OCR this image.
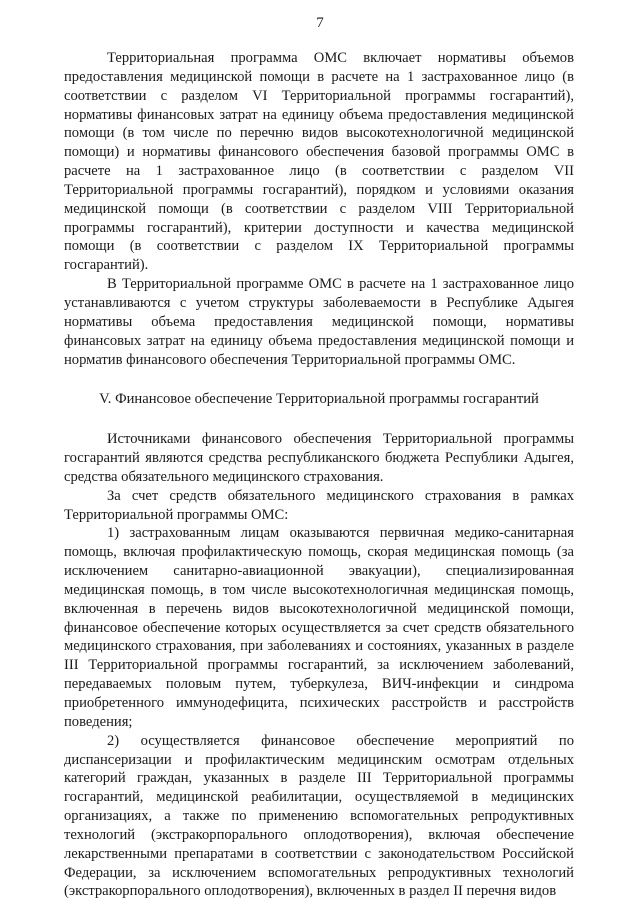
7

Территориальная программа ОМС включает нормативы объемов предоставления медицинской помощи в расчете на 1 застрахованное лицо (в соответствии с разделом VI Территориальной программы госгарантий), нормативы финансовых затрат на единицу объема предоставления медицинской помощи (в том числе по перечню видов высокотехнологичной медицинской помощи) и нормативы финансового обеспечения базовой программы ОМС в расчете на 1 застрахованное лицо (в соответствии с разделом VII Территориальной программы госгарантий), порядком и условиями оказания медицинской помощи (в соответствии с разделом VIII Территориальной программы госгарантий), критерии доступности и качества медицинской помощи (в соответствии с разделом IX Территориальной программы госгарантий).

В Территориальной программе ОМС в расчете на 1 застрахованное лицо устанавливаются с учетом структуры заболеваемости в Республике Адыгея нормативы объема предоставления медицинской помощи, нормативы финансовых затрат на единицу объема предоставления медицинской помощи и норматив финансового обеспечения Территориальной программы ОМС.

V. Финансовое обеспечение Территориальной программы госгарантий

Источниками финансового обеспечения Территориальной программы госгарантий являются средства республиканского бюджета Республики Адыгея, средства обязательного медицинского страхования.

За счет средств обязательного медицинского страхования в рамках Территориальной программы ОМС:

1) застрахованным лицам оказываются первичная медико-санитарная помощь, включая профилактическую помощь, скорая медицинская помощь (за исключением санитарно-авиационной эвакуации), специализированная медицинская помощь, в том числе высокотехнологичная медицинская помощь, включенная в перечень видов высокотехнологичной медицинской помощи, финансовое обеспечение которых осуществляется за счет средств обязательного медицинского страхования, при заболеваниях и состояниях, указанных в разделе III Территориальной программы госгарантий, за исключением заболеваний, передаваемых половым путем, туберкулеза, ВИЧ-инфекции и синдрома приобретенного иммунодефицита, психических расстройств и расстройств поведения;

2) осуществляется финансовое обеспечение мероприятий по диспансеризации и профилактическим медицинским осмотрам отдельных категорий граждан, указанных в разделе III Территориальной программы госгарантий, медицинской реабилитации, осуществляемой в медицинских организациях, а также по применению вспомогательных репродуктивных технологий (экстракорпорального оплодотворения), включая обеспечение лекарственными препаратами в соответствии с законодательством Российской Федерации, за исключением вспомогательных репродуктивных технологий (экстракорпорального оплодотворения), включенных в раздел II перечня видов
